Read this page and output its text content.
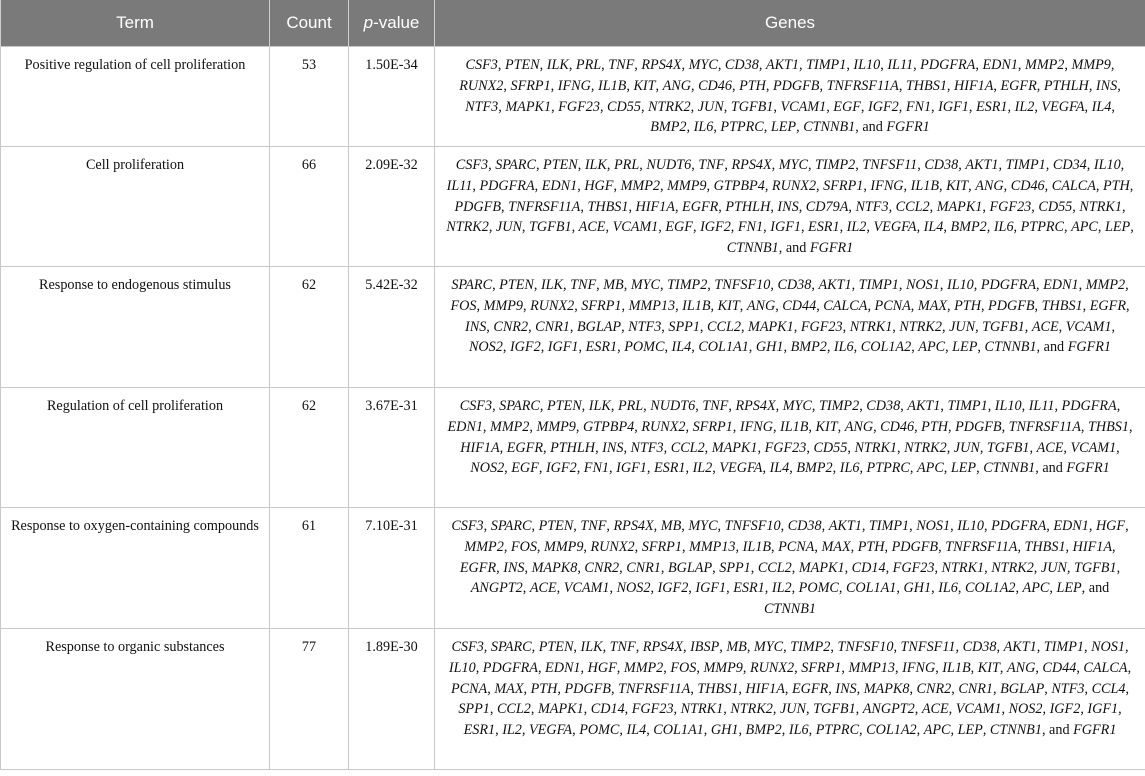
Term	Count	p-value	Genes
Positive regulation of cell proliferation	53	1.50E-34	CSF3, PTEN, ILK, PRL, TNF, RPS4X, MYC, CD38, AKT1, TIMP1, IL10, IL11, PDGFRA, EDN1, MMP2, MMP9, RUNX2, SFRP1, IFNG, IL1B, KIT, ANG, CD46, PTH, PDGFB, TNFRSF11A, THBS1, HIF1A, EGFR, PTHLH, INS, NTF3, MAPK1, FGF23, CD55, NTRK2, JUN, TGFB1, VCAM1, EGF, IGF2, FN1, IGF1, ESR1, IL2, VEGFA, IL4, BMP2, IL6, PTPRC, LEP, CTNNB1, and FGFR1
Cell proliferation	66	2.09E-32	CSF3, SPARC, PTEN, ILK, PRL, NUDT6, TNF, RPS4X, MYC, TIMP2, TNFSF11, CD38, AKT1, TIMP1, CD34, IL10, IL11, PDGFRA, EDN1, HGF, MMP2, MMP9, GTPBP4, RUNX2, SFRP1, IFNG, IL1B, KIT, ANG, CD46, CALCA, PTH, PDGFB, TNFRSF11A, THBS1, HIF1A, EGFR, PTHLH, INS, CD79A, NTF3, CCL2, MAPK1, FGF23, CD55, NTRK1, NTRK2, JUN, TGFB1, ACE, VCAM1, EGF, IGF2, FN1, IGF1, ESR1, IL2, VEGFA, IL4, BMP2, IL6, PTPRC, APC, LEP, CTNNB1, and FGFR1
Response to endogenous stimulus	62	5.42E-32	SPARC, PTEN, ILK, TNF, MB, MYC, TIMP2, TNFSF10, CD38, AKT1, TIMP1, NOS1, IL10, PDGFRA, EDN1, MMP2, FOS, MMP9, RUNX2, SFRP1, MMP13, IL1B, KIT, ANG, CD44, CALCA, PCNA, MAX, PTH, PDGFB, THBS1, EGFR, INS, CNR2, CNR1, BGLAP, NTF3, SPP1, CCL2, MAPK1, FGF23, NTRK1, NTRK2, JUN, TGFB1, ACE, VCAM1, NOS2, IGF2, IGF1, ESR1, POMC, IL4, COL1A1, GH1, BMP2, IL6, COL1A2, APC, LEP, CTNNB1, and FGFR1
Regulation of cell proliferation	62	3.67E-31	CSF3, SPARC, PTEN, ILK, PRL, NUDT6, TNF, RPS4X, MYC, TIMP2, CD38, AKT1, TIMP1, IL10, IL11, PDGFRA, EDN1, MMP2, MMP9, GTPBP4, RUNX2, SFRP1, IFNG, IL1B, KIT, ANG, CD46, PTH, PDGFB, TNFRSF11A, THBS1, HIF1A, EGFR, PTHLH, INS, NTF3, CCL2, MAPK1, FGF23, CD55, NTRK1, NTRK2, JUN, TGFB1, ACE, VCAM1, NOS2, EGF, IGF2, FN1, IGF1, ESR1, IL2, VEGFA, IL4, BMP2, IL6, PTPRC, APC, LEP, CTNNB1, and FGFR1
Response to oxygen-containing compounds	61	7.10E-31	CSF3, SPARC, PTEN, TNF, RPS4X, MB, MYC, TNFSF10, CD38, AKT1, TIMP1, NOS1, IL10, PDGFRA, EDN1, HGF, MMP2, FOS, MMP9, RUNX2, SFRP1, MMP13, IL1B, PCNA, MAX, PTH, PDGFB, TNFRSF11A, THBS1, HIF1A, EGFR, INS, MAPK8, CNR2, CNR1, BGLAP, SPP1, CCL2, MAPK1, CD14, FGF23, NTRK1, NTRK2, JUN, TGFB1, ANGPT2, ACE, VCAM1, NOS2, IGF2, IGF1, ESR1, IL2, POMC, COL1A1, GH1, IL6, COL1A2, APC, LEP, and CTNNB1
Response to organic substances	77	1.89E-30	CSF3, SPARC, PTEN, ILK, TNF, RPS4X, IBSP, MB, MYC, TIMP2, TNFSF10, TNFSF11, CD38, AKT1, TIMP1, NOS1, IL10, PDGFRA, EDN1, HGF, MMP2, FOS, MMP9, RUNX2, SFRP1, MMP13, IFNG, IL1B, KIT, ANG, CD44, CALCA, PCNA, MAX, PTH, PDGFB, TNFRSF11A, THBS1, HIF1A, EGFR, INS, MAPK8, CNR2, CNR1, BGLAP, NTF3, CCL4, SPP1, CCL2, MAPK1, CD14, FGF23, NTRK1, NTRK2, JUN, TGFB1, ANGPT2, ACE, VCAM1, NOS2, IGF2, IGF1, ESR1, IL2, VEGFA, POMC, IL4, COL1A1, GH1, BMP2, IL6, PTPRC, COL1A2, APC, LEP, CTNNB1, and FGFR1
